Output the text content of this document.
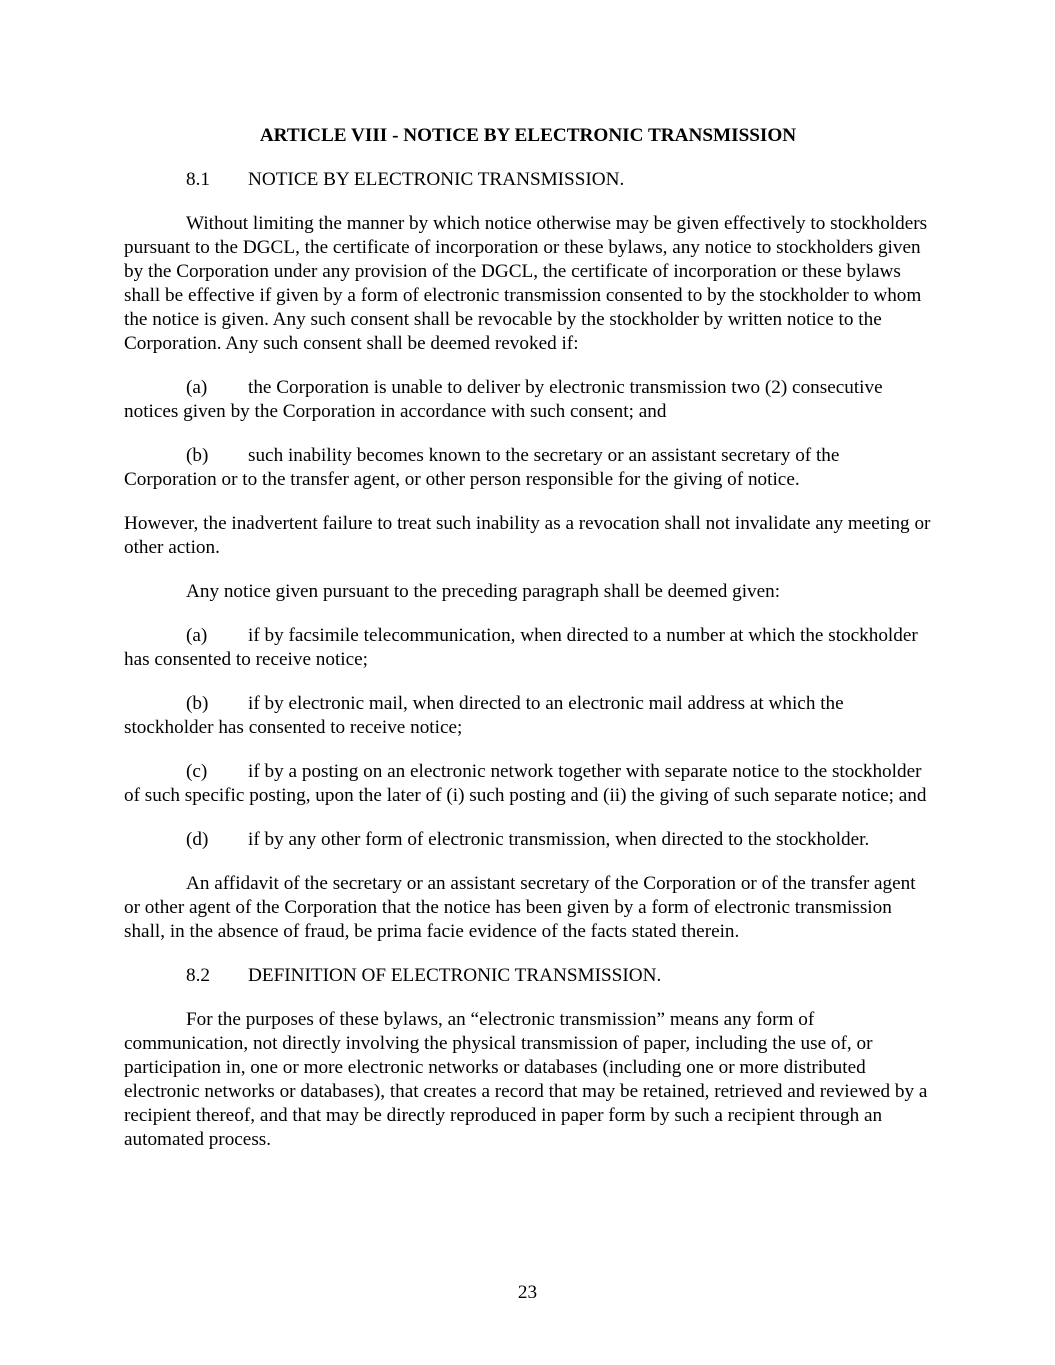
ARTICLE VIII - NOTICE BY ELECTRONIC TRANSMISSION
8.1 NOTICE BY ELECTRONIC TRANSMISSION.

Without limiting the manner by which notice otherwise may be given effectively to stockholders pursuant to the DGCL, the certificate of incorporation or these bylaws, any notice to stockholders given by the Corporation under any provision of the DGCL, the certificate of incorporation or these bylaws shall be effective if given by a form of electronic transmission consented to by the stockholder to whom the notice is given. Any such consent shall be revocable by the stockholder by written notice to the Corporation. Any such consent shall be deemed revoked if:

(a) the Corporation is unable to deliver by electronic transmission two (2) consecutive notices given by the Corporation in accordance with such consent; and

(b) such inability becomes known to the secretary or an assistant secretary of the Corporation or to the transfer agent, or other person responsible for the giving of notice.

However, the inadvertent failure to treat such inability as a revocation shall not invalidate any meeting or other action.

Any notice given pursuant to the preceding paragraph shall be deemed given:

(a) if by facsimile telecommunication, when directed to a number at which the stockholder has consented to receive notice;

(b) if by electronic mail, when directed to an electronic mail address at which the stockholder has consented to receive notice;

(c) if by a posting on an electronic network together with separate notice to the stockholder of such specific posting, upon the later of (i) such posting and (ii) the giving of such separate notice; and

(d) if by any other form of electronic transmission, when directed to the stockholder.

An affidavit of the secretary or an assistant secretary of the Corporation or of the transfer agent or other agent of the Corporation that the notice has been given by a form of electronic transmission shall, in the absence of fraud, be prima facie evidence of the facts stated therein.

8.2 DEFINITION OF ELECTRONIC TRANSMISSION.

For the purposes of these bylaws, an “electronic transmission” means any form of communication, not directly involving the physical transmission of paper, including the use of, or participation in, one or more electronic networks or databases (including one or more distributed electronic networks or databases), that creates a record that may be retained, retrieved and reviewed by a recipient thereof, and that may be directly reproduced in paper form by such a recipient through an automated process.

23
